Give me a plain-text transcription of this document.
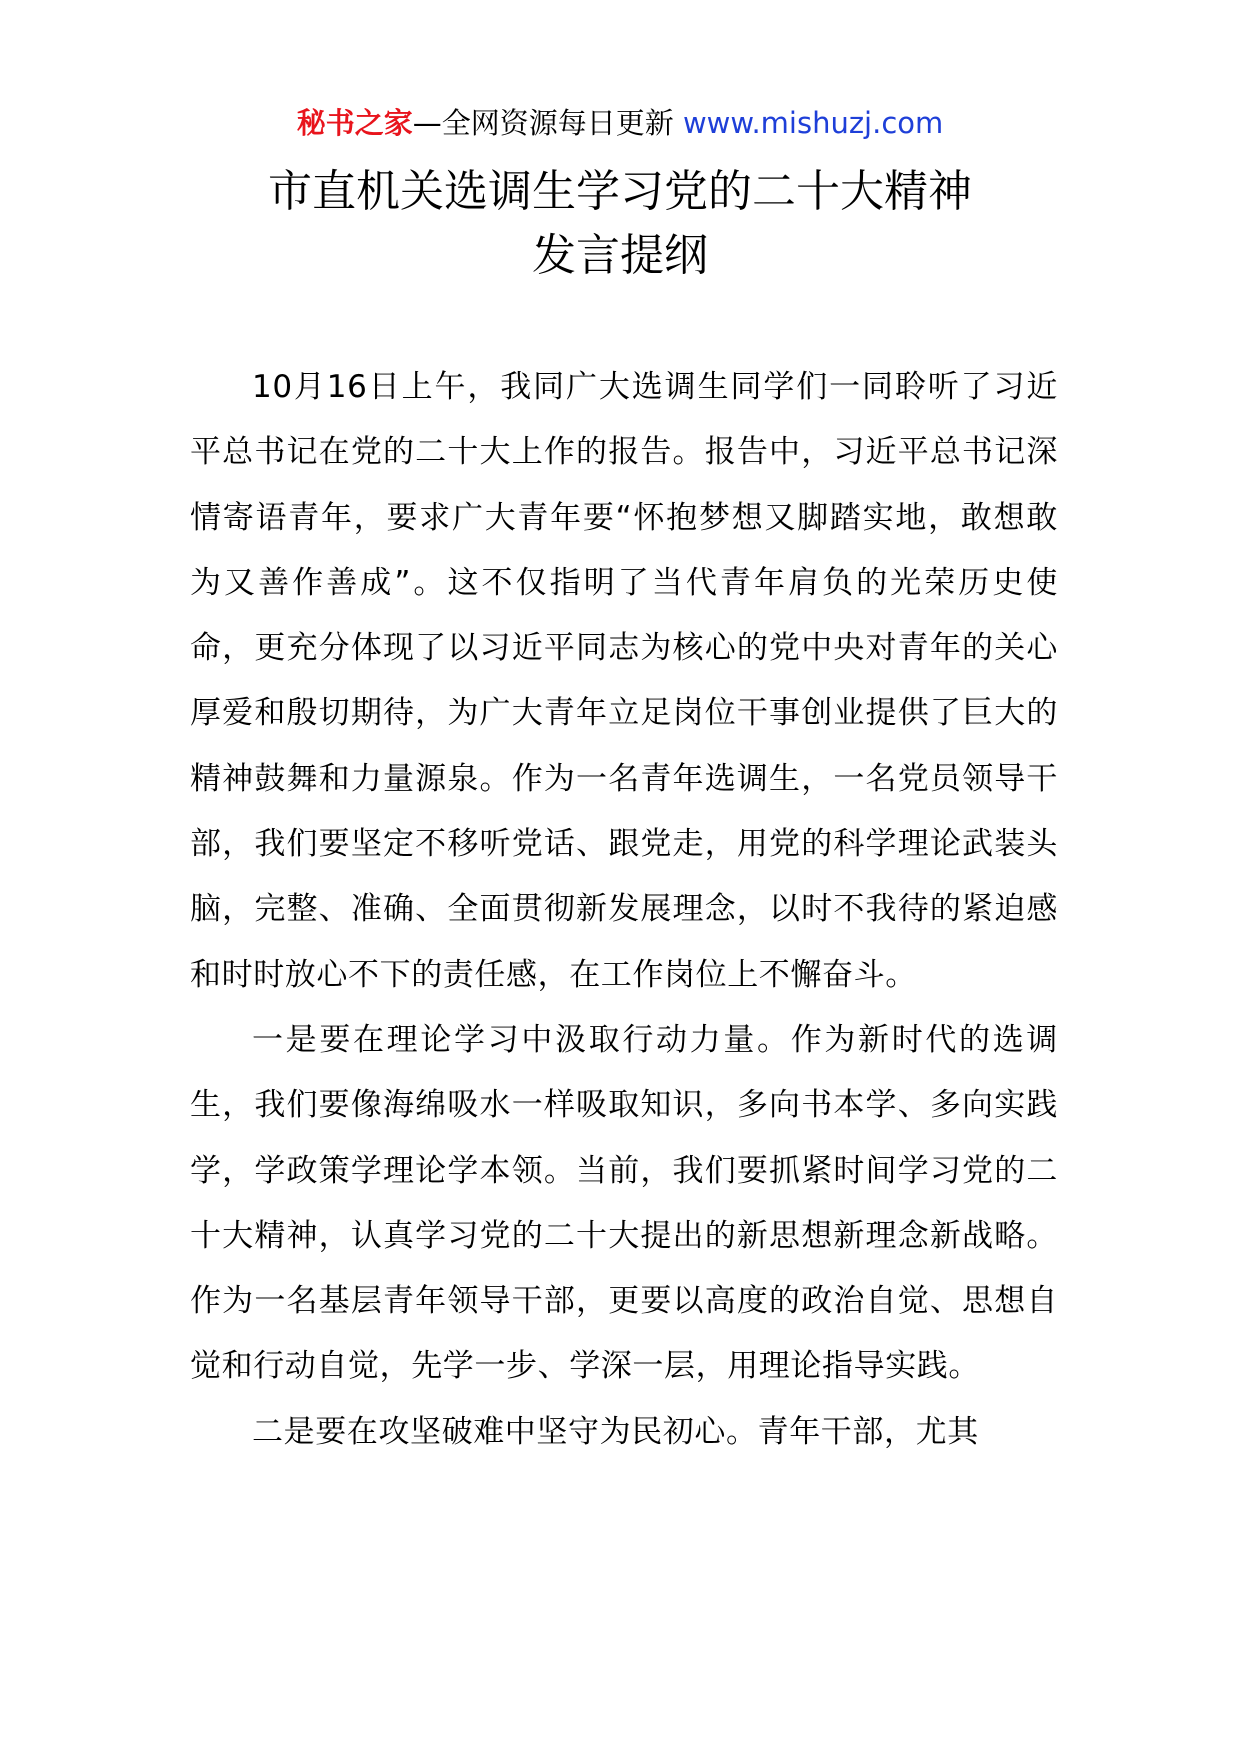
秘书之家—全网资源每日更新 www.mishuzj.com
市直机关选调生学习党的二十大精神
发言提纲

10月16日上午，我同广大选调生同学们一同聆听了习近平总书记在党的二十大上作的报告。报告中，习近平总书记深情寄语青年，要求广大青年要“怀抱梦想又脚踏实地，敢想敢为又善作善成”。这不仅指明了当代青年肩负的光荣历史使命，更充分体现了以习近平同志为核心的党中央对青年的关心厚爱和殷切期待，为广大青年立足岗位干事创业提供了巨大的精神鼓舞和力量源泉。作为一名青年选调生，一名党员领导干部，我们要坚定不移听党话、跟党走，用党的科学理论武装头脑，完整、准确、全面贯彻新发展理念，以时不我待的紧迫感和时时放心不下的责任感，在工作岗位上不懈奋斗。

一是要在理论学习中汲取行动力量。作为新时代的选调生，我们要像海绵吸水一样吸取知识，多向书本学、多向实践学，学政策学理论学本领。当前，我们要抓紧时间学习党的二十大精神，认真学习党的二十大提出的新思想新理念新战略。作为一名基层青年领导干部，更要以高度的政治自觉、思想自觉和行动自觉，先学一步、学深一层，用理论指导实践。

二是要在攻坚破难中坚守为民初心。青年干部，尤其
